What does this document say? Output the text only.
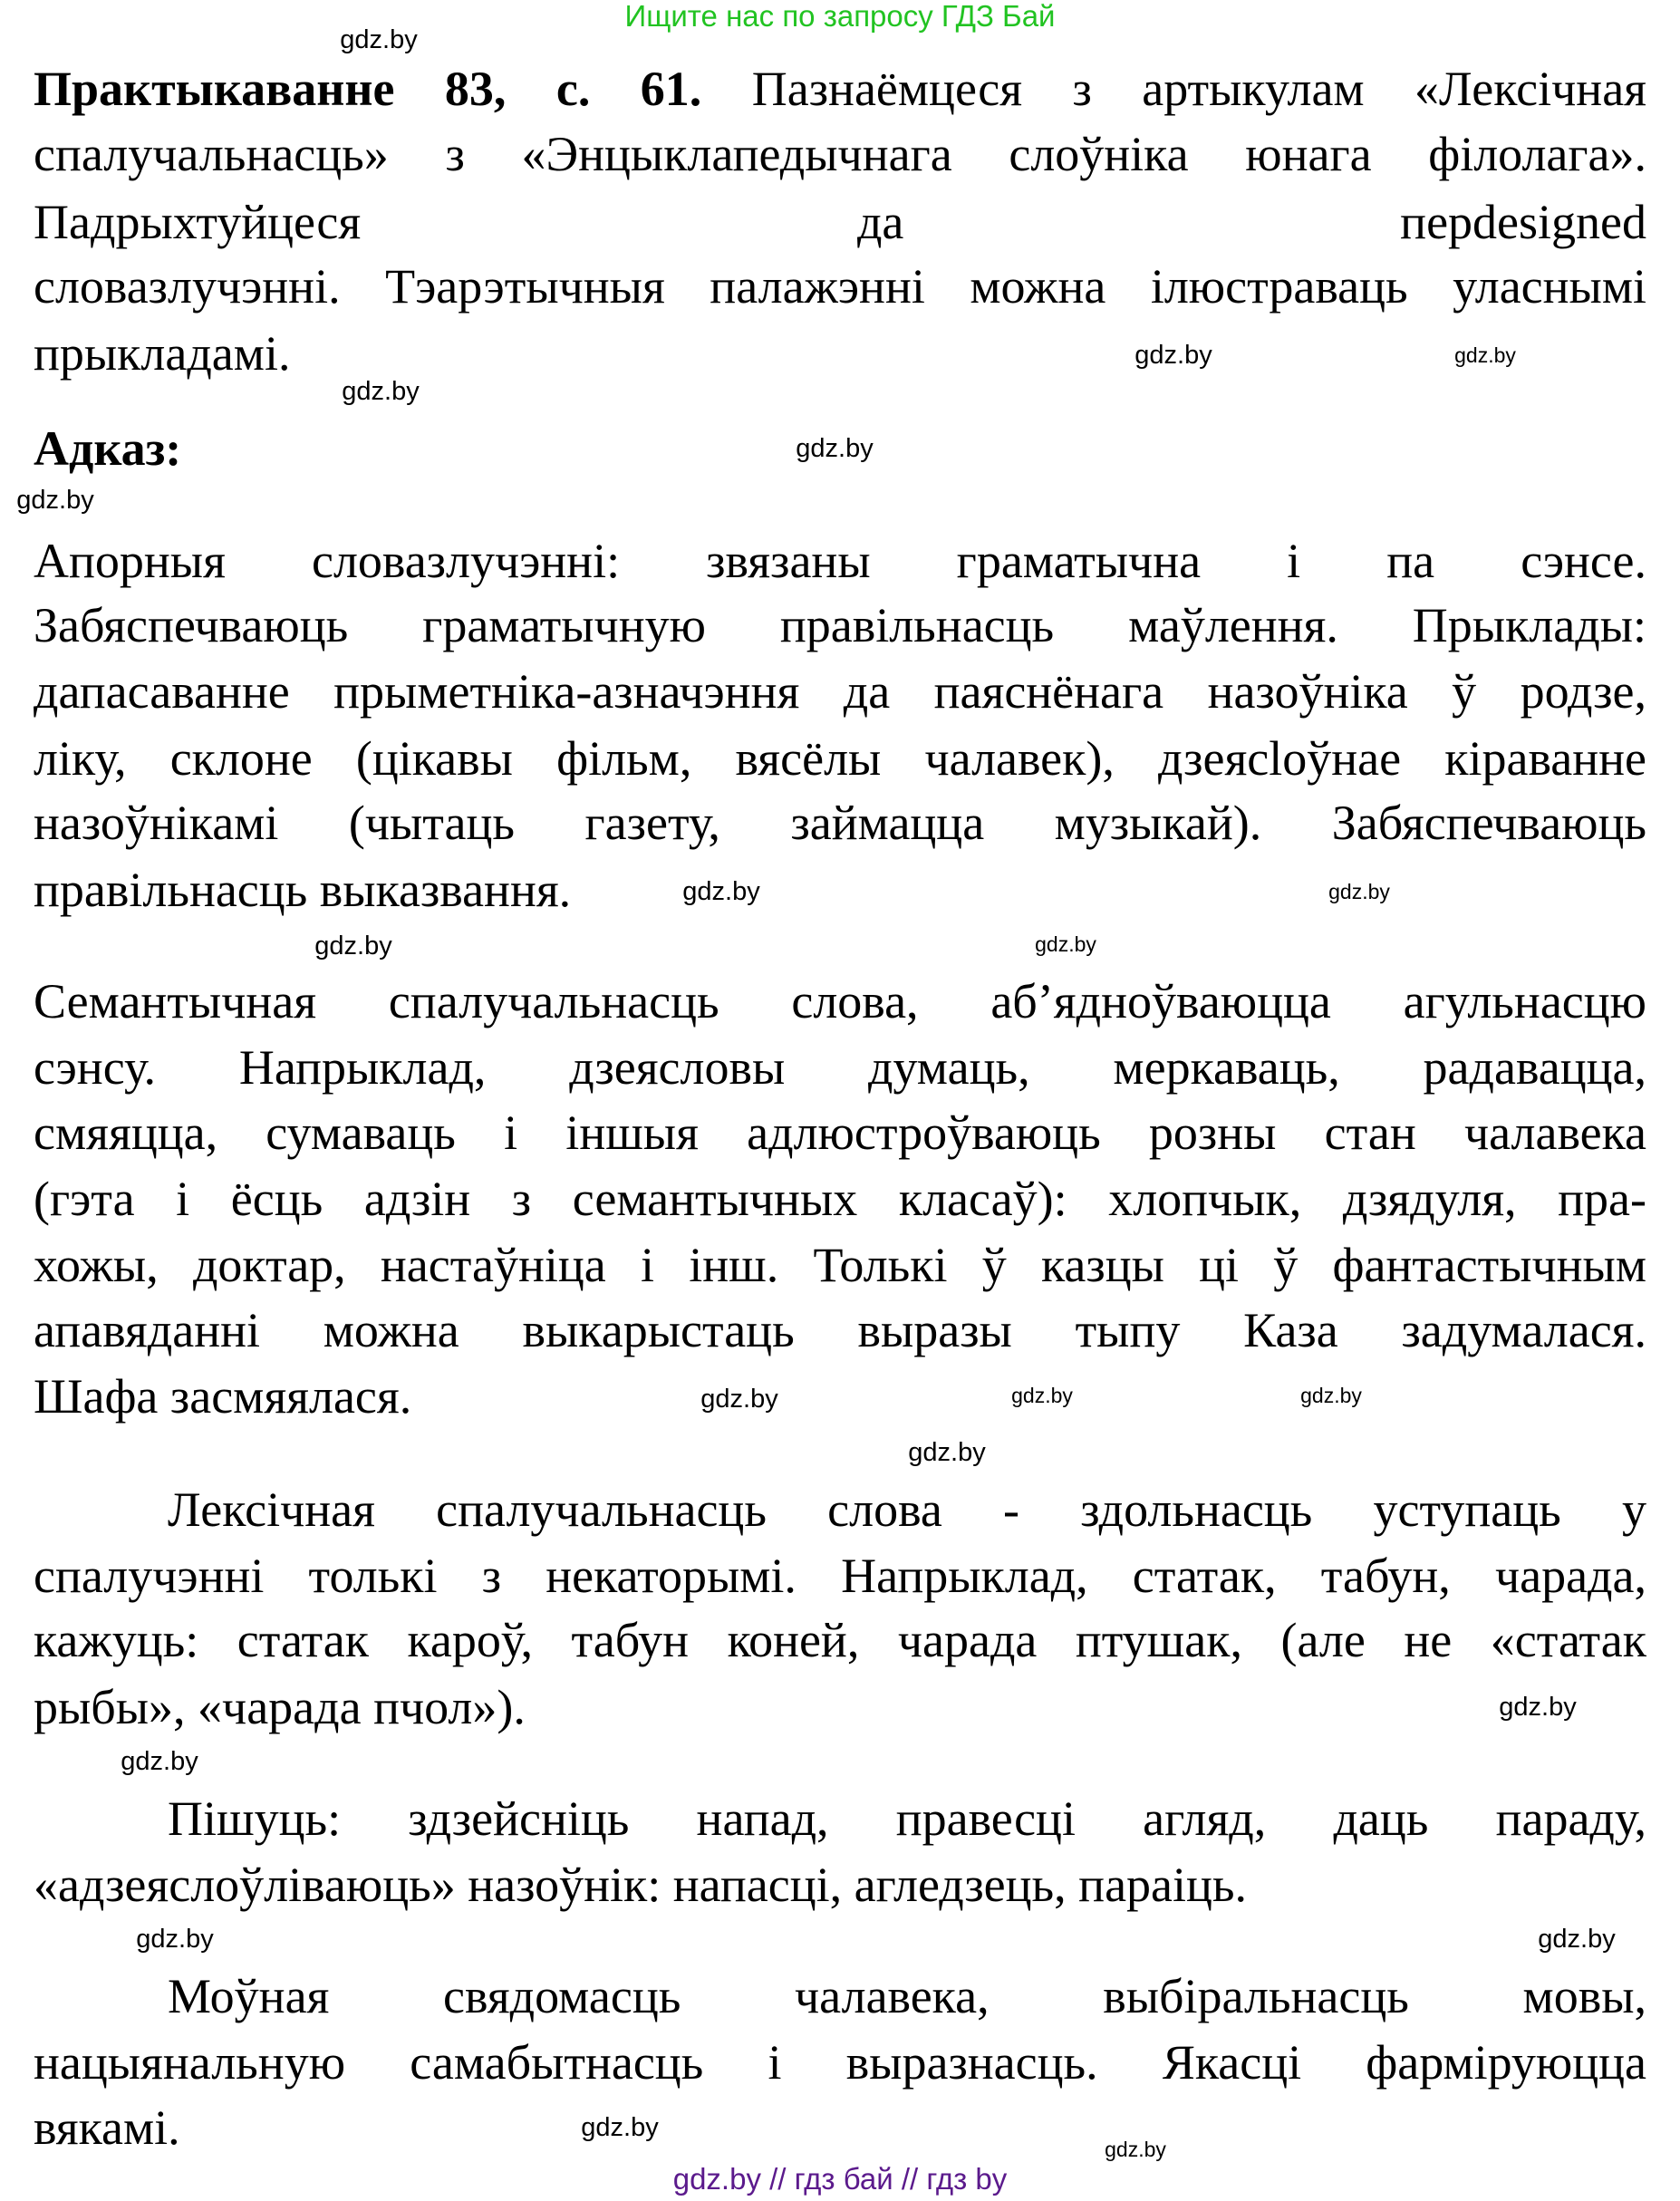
Ищите нас по запросу ГДЗ Бай
Практыкаванне 83, с. 61. Пазнаёмцеся з артыкулам «Лексічная
спалучальнасць» з «Энцыклапедычнага слоўніка юнага філолага».
Падрыхтуйцеся да перdesigned
словазлучэнні. Тэарэтычныя палажэнні можна ілюстраваць уласнымі
прыкладамі.
Адказ:
Апорныя словазлучэнні: звязаны граматычна і па сэнсе.
Забяспечваюць граматычную правільнасць маўлення. Прыклады:
дапасаванне прыметніка-азначэння да паяснёнага назоўніка ў родзе,
ліку, склоне (цікавы фільм, вясёлы чалавек), дзеясloўнае кіраванне
назоўнікамі (чытаць газету, займацца музыкай). Забяспечваюць
правільнасць выказвання.
Семантычная спалучальнасць слова, аб’ядноўваюцца агульнасцю
сэнсу. Напрыклад, дзеясловы думаць, меркаваць, радавацца,
смяяцца, сумаваць і іншыя адлюстроўваюць розны стан чалавека
(гэта і ёсць адзін з семантычных класаў): хлопчык, дзядуля, пра-
хожы, доктар, настаўніца і інш. Толькі ў казцы ці ў фантастычным
апавяданні можна выкарыстаць выразы тыпу Каза задумалася.
Шафа засмяялася.
Лексічная спалучальнасць слова - здольнасць уступаць у
спалучэнні толькі з некаторымі. Напрыклад, статак, табун, чарада,
кажуць: статак кароў, табун коней, чарада птушак, (але не «статак
рыбы», «чарада пчол»).
Пішуць: здзейсніць напад, правесці агляд, даць параду,
«адзеяслоўліваюць» назоўнік: напасці, агледзець, параіць.
Моўная свядомасць чалавека, выбіральнасць мовы,
нацыянальную самабытнасць і выразнасць. Якасці фарміруюцца
вякамі.
gdz.by // гдз бай // гдз by
gdz.by
gdz.by
gdz.by
gdz.by
gdz.by
gdz.by
gdz.by
gdz.by
gdz.by
gdz.by
gdz.by
gdz.by
gdz.by
gdz.by
gdz.by
gdz.by
gdz.by
gdz.by
gdz.by
gdz.by
